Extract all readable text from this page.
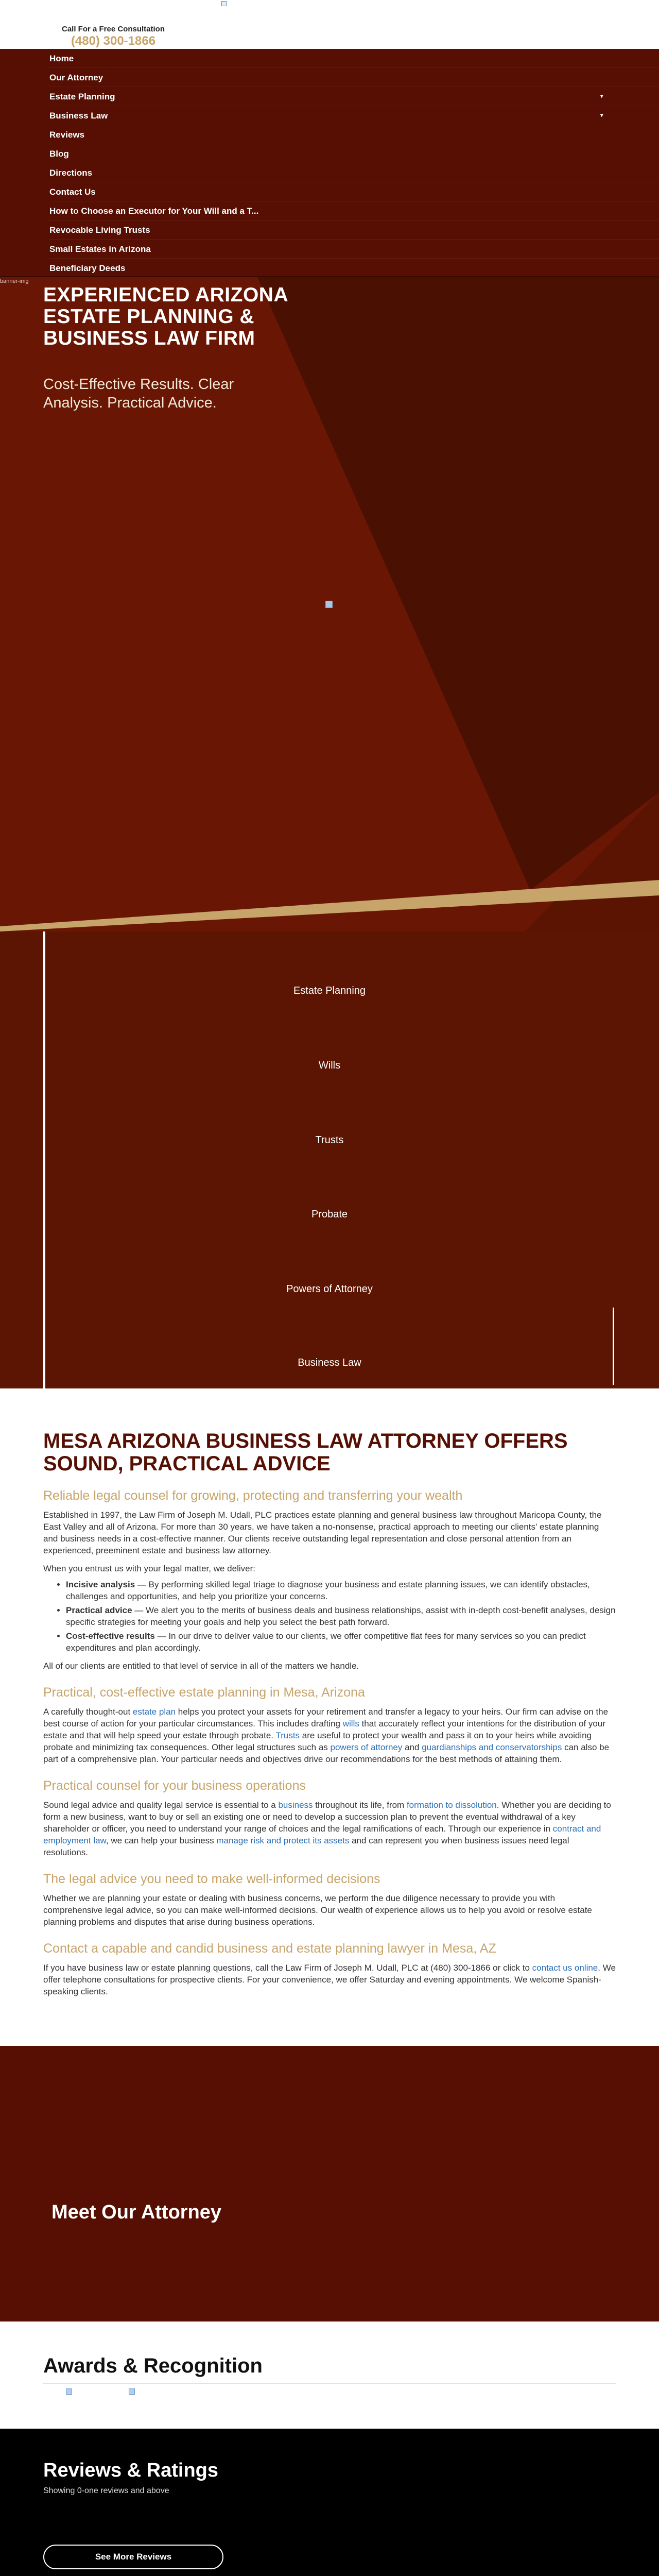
Call For a Free Consultation
(480) 300-1866
Home
Our Attorney
Estate Planning	▾
Business Law	▾
Reviews
Blog
Directions
Contact Us
How to Choose an Executor for Your Will and a T...
Revocable Living Trusts
Small Estates in Arizona
Beneficiary Deeds
banner-img
EXPERIENCED ARIZONA ESTATE PLANNING & BUSINESS LAW FIRM
Cost-Effective Results. Clear Analysis. Practical Advice.
Estate Planning
Wills
Trusts
Probate
Powers of Attorney
Business Law
MESA ARIZONA BUSINESS LAW ATTORNEY OFFERS SOUND, PRACTICAL ADVICE
Reliable legal counsel for growing, protecting and transferring your wealth

Established in 1997, the Law Firm of Joseph M. Udall, PLC practices estate planning and general business law throughout Maricopa County, the East Valley and all of Arizona. For more than 30 years, we have taken a no-nonsense, practical approach to meeting our clients' estate planning and business needs in a cost-effective manner. Our clients receive outstanding legal representation and close personal attention from an experienced, preeminent estate and business law attorney.

When you entrust us with your legal matter, we deliver:

• Incisive analysis — By performing skilled legal triage to diagnose your business and estate planning issues, we can identify obstacles, challenges and opportunities, and help you prioritize your concerns.
• Practical advice — We alert you to the merits of business deals and business relationships, assist with in-depth cost-benefit analyses, design specific strategies for meeting your goals and help you select the best path forward.
• Cost-effective results — In our drive to deliver value to our clients, we offer competitive flat fees for many services so you can predict expenditures and plan accordingly.

All of our clients are entitled to that level of service in all of the matters we handle.

Practical, cost-effective estate planning in Mesa, Arizona

A carefully thought-out estate plan helps you protect your assets for your retirement and transfer a legacy to your heirs. Our firm can advise on the best course of action for your particular circumstances. This includes drafting wills that accurately reflect your intentions for the distribution of your estate and that will help speed your estate through probate. Trusts are useful to protect your wealth and pass it on to your heirs while avoiding probate and minimizing tax consequences. Other legal structures such as powers of attorney and guardianships and conservatorships can also be part of a comprehensive plan. Your particular needs and objectives drive our recommendations for the best methods of attaining them.

Practical counsel for your business operations

Sound legal advice and quality legal service is essential to a business throughout its life, from formation to dissolution. Whether you are deciding to form a new business, want to buy or sell an existing one or need to develop a succession plan to prevent the eventual withdrawal of a key shareholder or officer, you need to understand your range of choices and the legal ramifications of each. Through our experience in contract and employment law, we can help your business manage risk and protect its assets and can represent you when business issues need legal resolutions.

The legal advice you need to make well-informed decisions

Whether we are planning your estate or dealing with business concerns, we perform the due diligence necessary to provide you with comprehensive legal advice, so you can make well-informed decisions. Our wealth of experience allows us to help you avoid or resolve estate planning problems and disputes that arise during business operations.

Contact a capable and candid business and estate planning lawyer in Mesa, AZ

If you have business law or estate planning questions, call the Law Firm of Joseph M. Udall, PLC at (480) 300-1866 or click to contact us online. We offer telephone consultations for prospective clients. For your convenience, we offer Saturday and evening appointments. We welcome Spanish-speaking clients.

Meet Our Attorney
Awards & Recognition
Reviews & Ratings
Showing 0-one reviews and above
See More Reviews
